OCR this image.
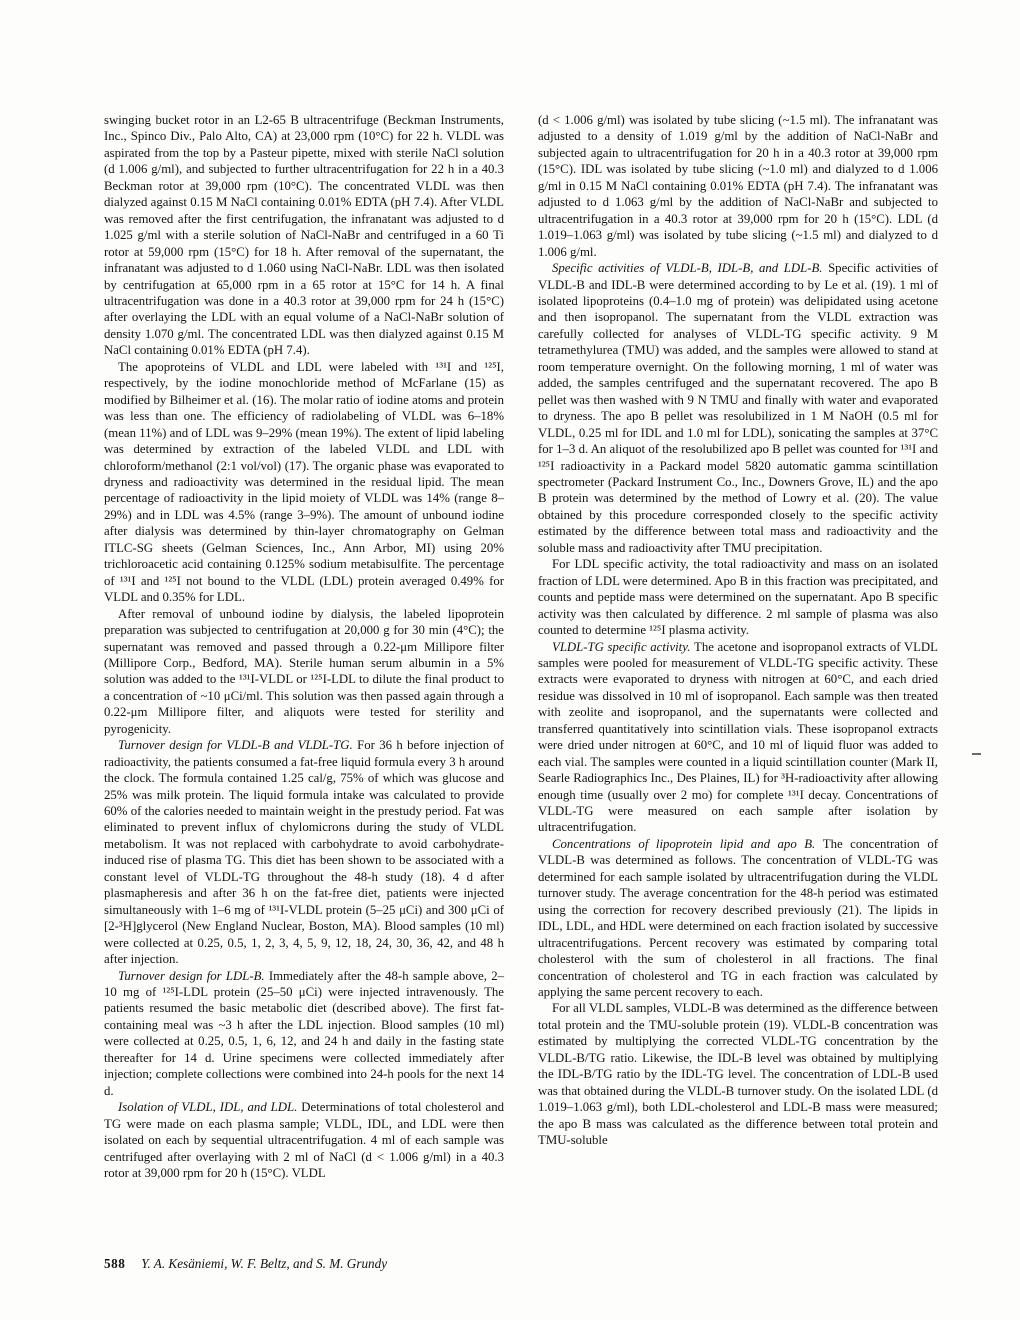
swinging bucket rotor in an L2-65 B ultracentrifuge (Beckman Instruments, Inc., Spinco Div., Palo Alto, CA) at 23,000 rpm (10°C) for 22 h. VLDL was aspirated from the top by a Pasteur pipette, mixed with sterile NaCl solution (d 1.006 g/ml), and subjected to further ultracentrifugation for 22 h in a 40.3 Beckman rotor at 39,000 rpm (10°C). The concentrated VLDL was then dialyzed against 0.15 M NaCl containing 0.01% EDTA (pH 7.4). After VLDL was removed after the first centrifugation, the infranatant was adjusted to d 1.025 g/ml with a sterile solution of NaCl-NaBr and centrifuged in a 60 Ti rotor at 59,000 rpm (15°C) for 18 h. After removal of the supernatant, the infranatant was adjusted to d 1.060 using NaCl-NaBr. LDL was then isolated by centrifugation at 65,000 rpm in a 65 rotor at 15°C for 14 h. A final ultracentrifugation was done in a 40.3 rotor at 39,000 rpm for 24 h (15°C) after overlaying the LDL with an equal volume of a NaCl-NaBr solution of density 1.070 g/ml. The concentrated LDL was then dialyzed against 0.15 M NaCl containing 0.01% EDTA (pH 7.4).

The apoproteins of VLDL and LDL were labeled with ¹³¹I and ¹²⁵I, respectively, by the iodine monochloride method of McFarlane (15) as modified by Bilheimer et al. (16). The molar ratio of iodine atoms and protein was less than one. The efficiency of radiolabeling of VLDL was 6–18% (mean 11%) and of LDL was 9–29% (mean 19%). The extent of lipid labeling was determined by extraction of the labeled VLDL and LDL with chloroform/methanol (2:1 vol/vol) (17). The organic phase was evaporated to dryness and radioactivity was determined in the residual lipid. The mean percentage of radioactivity in the lipid moiety of VLDL was 14% (range 8–29%) and in LDL was 4.5% (range 3–9%). The amount of unbound iodine after dialysis was determined by thin-layer chromatography on Gelman ITLC-SG sheets (Gelman Sciences, Inc., Ann Arbor, MI) using 20% trichloroacetic acid containing 0.125% sodium metabisulfite. The percentage of ¹³¹I and ¹²⁵I not bound to the VLDL (LDL) protein averaged 0.49% for VLDL and 0.35% for LDL.

After removal of unbound iodine by dialysis, the labeled lipoprotein preparation was subjected to centrifugation at 20,000 g for 30 min (4°C); the supernatant was removed and passed through a 0.22-μm Millipore filter (Millipore Corp., Bedford, MA). Sterile human serum albumin in a 5% solution was added to the ¹³¹I-VLDL or ¹²⁵I-LDL to dilute the final product to a concentration of ~10 μCi/ml. This solution was then passed again through a 0.22-μm Millipore filter, and aliquots were tested for sterility and pyrogenicity.

Turnover design for VLDL-B and VLDL-TG. For 36 h before injection of radioactivity, the patients consumed a fat-free liquid formula every 3 h around the clock. The formula contained 1.25 cal/g, 75% of which was glucose and 25% was milk protein. The liquid formula intake was calculated to provide 60% of the calories needed to maintain weight in the prestudy period. Fat was eliminated to prevent influx of chylomicrons during the study of VLDL metabolism. It was not replaced with carbohydrate to avoid carbohydrate-induced rise of plasma TG. This diet has been shown to be associated with a constant level of VLDL-TG throughout the 48-h study (18). 4 d after plasmapheresis and after 36 h on the fat-free diet, patients were injected simultaneously with 1–6 mg of ¹³¹I-VLDL protein (5–25 μCi) and 300 μCi of [2-³H]glycerol (New England Nuclear, Boston, MA). Blood samples (10 ml) were collected at 0.25, 0.5, 1, 2, 3, 4, 5, 9, 12, 18, 24, 30, 36, 42, and 48 h after injection.

Turnover design for LDL-B. Immediately after the 48-h sample above, 2–10 mg of ¹²⁵I-LDL protein (25–50 μCi) were injected intravenously. The patients resumed the basic metabolic diet (described above). The first fat-containing meal was ~3 h after the LDL injection. Blood samples (10 ml) were collected at 0.25, 0.5, 1, 6, 12, and 24 h and daily in the fasting state thereafter for 14 d. Urine specimens were collected immediately after injection; complete collections were combined into 24-h pools for the next 14 d.

Isolation of VLDL, IDL, and LDL. Determinations of total cholesterol and TG were made on each plasma sample; VLDL, IDL, and LDL were then isolated on each by sequential ultracentrifugation. 4 ml of each sample was centrifuged after overlaying with 2 ml of NaCl (d < 1.006 g/ml) in a 40.3 rotor at 39,000 rpm for 20 h (15°C). VLDL

(d < 1.006 g/ml) was isolated by tube slicing (~1.5 ml). The infranatant was adjusted to a density of 1.019 g/ml by the addition of NaCl-NaBr and subjected again to ultracentrifugation for 20 h in a 40.3 rotor at 39,000 rpm (15°C). IDL was isolated by tube slicing (~1.0 ml) and dialyzed to d 1.006 g/ml in 0.15 M NaCl containing 0.01% EDTA (pH 7.4). The infranatant was adjusted to d 1.063 g/ml by the addition of NaCl-NaBr and subjected to ultracentrifugation in a 40.3 rotor at 39,000 rpm for 20 h (15°C). LDL (d 1.019–1.063 g/ml) was isolated by tube slicing (~1.5 ml) and dialyzed to d 1.006 g/ml.

Specific activities of VLDL-B, IDL-B, and LDL-B. Specific activities of VLDL-B and IDL-B were determined according to by Le et al. (19). 1 ml of isolated lipoproteins (0.4–1.0 mg of protein) was delipidated using acetone and then isopropanol. The supernatant from the VLDL extraction was carefully collected for analyses of VLDL-TG specific activity. 9 M tetramethylurea (TMU) was added, and the samples were allowed to stand at room temperature overnight. On the following morning, 1 ml of water was added, the samples centrifuged and the supernatant recovered. The apo B pellet was then washed with 9 N TMU and finally with water and evaporated to dryness. The apo B pellet was resolubilized in 1 M NaOH (0.5 ml for VLDL, 0.25 ml for IDL and 1.0 ml for LDL), sonicating the samples at 37°C for 1–3 d. An aliquot of the resolubilized apo B pellet was counted for ¹³¹I and ¹²⁵I radioactivity in a Packard model 5820 automatic gamma scintillation spectrometer (Packard Instrument Co., Inc., Downers Grove, IL) and the apo B protein was determined by the method of Lowry et al. (20). The value obtained by this procedure corresponded closely to the specific activity estimated by the difference between total mass and radioactivity and the soluble mass and radioactivity after TMU precipitation.

For LDL specific activity, the total radioactivity and mass on an isolated fraction of LDL were determined. Apo B in this fraction was precipitated, and counts and peptide mass were determined on the supernatant. Apo B specific activity was then calculated by difference. 2 ml sample of plasma was also counted to determine ¹²⁵I plasma activity.

VLDL-TG specific activity. The acetone and isopropanol extracts of VLDL samples were pooled for measurement of VLDL-TG specific activity. These extracts were evaporated to dryness with nitrogen at 60°C, and each dried residue was dissolved in 10 ml of isopropanol. Each sample was then treated with zeolite and isopropanol, and the supernatants were collected and transferred quantitatively into scintillation vials. These isopropanol extracts were dried under nitrogen at 60°C, and 10 ml of liquid fluor was added to each vial. The samples were counted in a liquid scintillation counter (Mark II, Searle Radiographics Inc., Des Plaines, IL) for ³H-radioactivity after allowing enough time (usually over 2 mo) for complete ¹³¹I decay. Concentrations of VLDL-TG were measured on each sample after isolation by ultracentrifugation.

Concentrations of lipoprotein lipid and apo B. The concentration of VLDL-B was determined as follows. The concentration of VLDL-TG was determined for each sample isolated by ultracentrifugation during the VLDL turnover study. The average concentration for the 48-h period was estimated using the correction for recovery described previously (21). The lipids in IDL, LDL, and HDL were determined on each fraction isolated by successive ultracentrifugations. Percent recovery was estimated by comparing total cholesterol with the sum of cholesterol in all fractions. The final concentration of cholesterol and TG in each fraction was calculated by applying the same percent recovery to each.

For all VLDL samples, VLDL-B was determined as the difference between total protein and the TMU-soluble protein (19). VLDL-B concentration was estimated by multiplying the corrected VLDL-TG concentration by the VLDL-B/TG ratio. Likewise, the IDL-B level was obtained by multiplying the IDL-B/TG ratio by the IDL-TG level. The concentration of LDL-B used was that obtained during the VLDL-B turnover study. On the isolated LDL (d 1.019–1.063 g/ml), both LDL-cholesterol and LDL-B mass were measured; the apo B mass was calculated as the difference between total protein and TMU-soluble

588 Y. A. Kesäniemi, W. F. Beltz, and S. M. Grundy
